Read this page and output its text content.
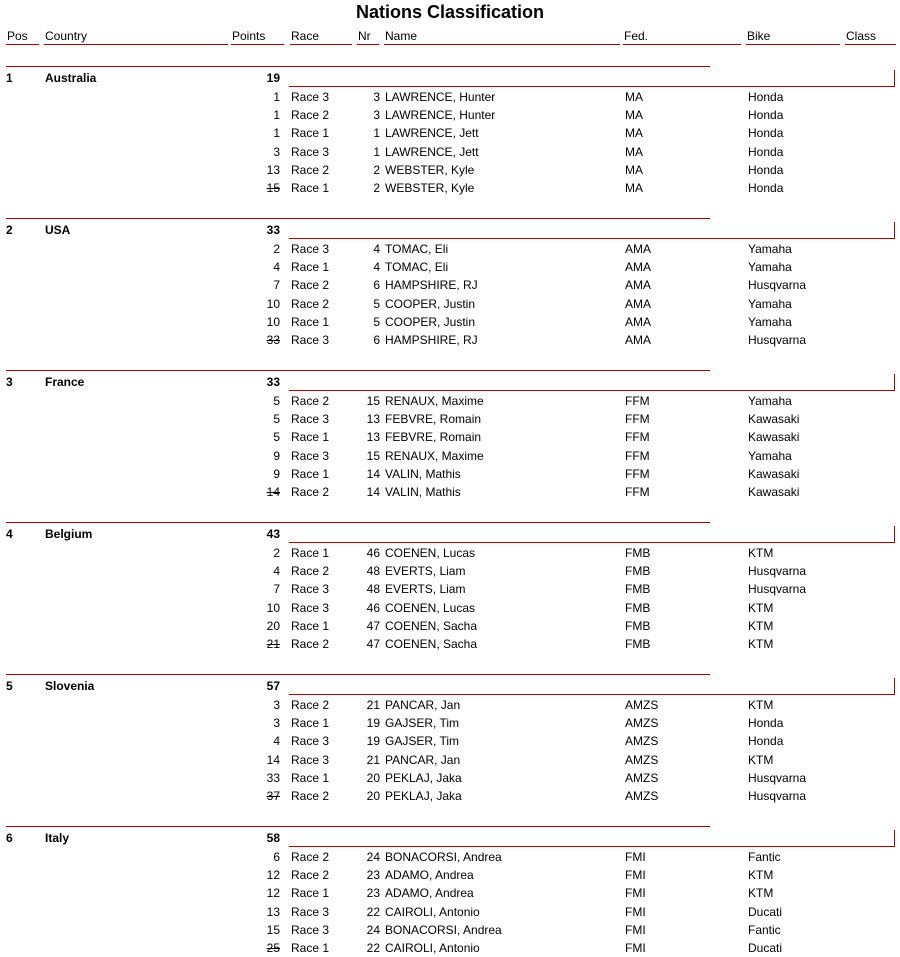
Nations Classification
Pos	Country	Points	Race	Nr	Name	Fed.	Bike	Class
1	Australia	19
1 Race 3	3 LAWRENCE, Hunter	MA	Honda
1 Race 2	3 LAWRENCE, Hunter	MA	Honda
1 Race 1	1 LAWRENCE, Jett	MA	Honda
3 Race 3	1 LAWRENCE, Jett	MA	Honda
13 Race 2	2 WEBSTER, Kyle	MA	Honda
15 Race 1	2 WEBSTER, Kyle	MA	Honda
2	USA	33
2 Race 3	4 TOMAC, Eli	AMA	Yamaha
4 Race 1	4 TOMAC, Eli	AMA	Yamaha
7 Race 2	6 HAMPSHIRE, RJ	AMA	Husqvarna
10 Race 2	5 COOPER, Justin	AMA	Yamaha
10 Race 1	5 COOPER, Justin	AMA	Yamaha
33 Race 3	6 HAMPSHIRE, RJ	AMA	Husqvarna
3	France	33
5 Race 2	15 RENAUX, Maxime	FFM	Yamaha
5 Race 3	13 FEBVRE, Romain	FFM	Kawasaki
5 Race 1	13 FEBVRE, Romain	FFM	Kawasaki
9 Race 3	15 RENAUX, Maxime	FFM	Yamaha
9 Race 1	14 VALIN, Mathis	FFM	Kawasaki
14 Race 2	14 VALIN, Mathis	FFM	Kawasaki
4	Belgium	43
2 Race 1	46 COENEN, Lucas	FMB	KTM
4 Race 2	48 EVERTS, Liam	FMB	Husqvarna
7 Race 3	48 EVERTS, Liam	FMB	Husqvarna
10 Race 3	46 COENEN, Lucas	FMB	KTM
20 Race 1	47 COENEN, Sacha	FMB	KTM
21 Race 2	47 COENEN, Sacha	FMB	KTM
5	Slovenia	57
3 Race 2	21 PANCAR, Jan	AMZS	KTM
3 Race 1	19 GAJSER, Tim	AMZS	Honda
4 Race 3	19 GAJSER, Tim	AMZS	Honda
14 Race 3	21 PANCAR, Jan	AMZS	KTM
33 Race 1	20 PEKLAJ, Jaka	AMZS	Husqvarna
37 Race 2	20 PEKLAJ, Jaka	AMZS	Husqvarna
6	Italy	58
6 Race 2	24 BONACORSI, Andrea	FMI	Fantic
12 Race 2	23 ADAMO, Andrea	FMI	KTM
12 Race 1	23 ADAMO, Andrea	FMI	KTM
13 Race 3	22 CAIROLI, Antonio	FMI	Ducati
15 Race 3	24 BONACORSI, Andrea	FMI	Fantic
25 Race 1	22 CAIROLI, Antonio	FMI	Ducati
